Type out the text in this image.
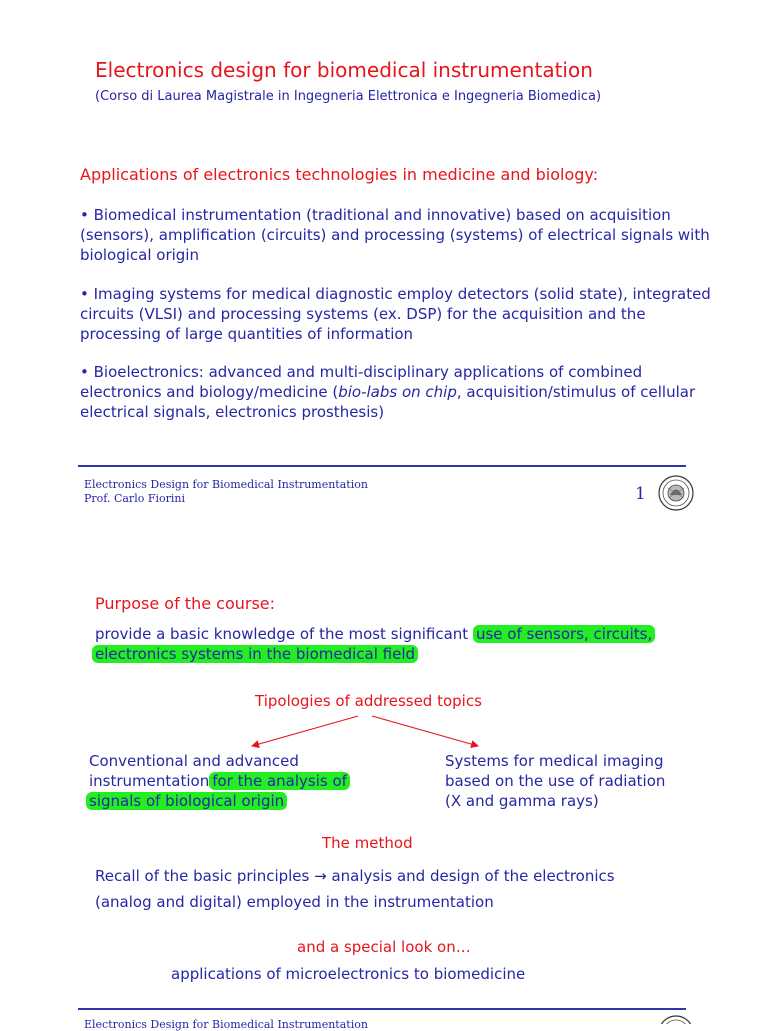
Electronics design for biomedical instrumentation
(Corso di Laurea Magistrale in Ingegneria Elettronica e Ingegneria Biomedica)
Applications of electronics technologies in medicine and biology:

• Biomedical instrumentation (traditional and innovative) based on acquisition (sensors), amplification (circuits) and processing (systems) of electrical signals with biological origin

• Imaging systems for medical diagnostic employ detectors (solid state), integrated circuits (VLSI) and processing systems (ex. DSP) for the acquisition and the processing of large quantities of information

• Bioelectronics: advanced and multi-disciplinary applications of combined electronics and biology/medicine (bio-labs on chip, acquisition/stimulus of cellular electrical signals, electronics prosthesis)

Electronics Design for Biomedical Instrumentation
Prof. Carlo Fiorini	1
Purpose of the course:
provide a basic knowledge of the most significant use of sensors, circuits,
electronics systems in the biomedical field
Tipologies of addressed topics
Conventional and advanced
instrumentation for the analysis of
signals of biological origin
Systems for medical imaging
based on the use of radiation
(X and gamma rays)
The method
Recall of the basic principles → analysis and design of the electronics
(analog and digital) employed in the instrumentation
and a special look on…
applications of microelectronics to biomedicine
Electronics Design for Biomedical Instrumentation
